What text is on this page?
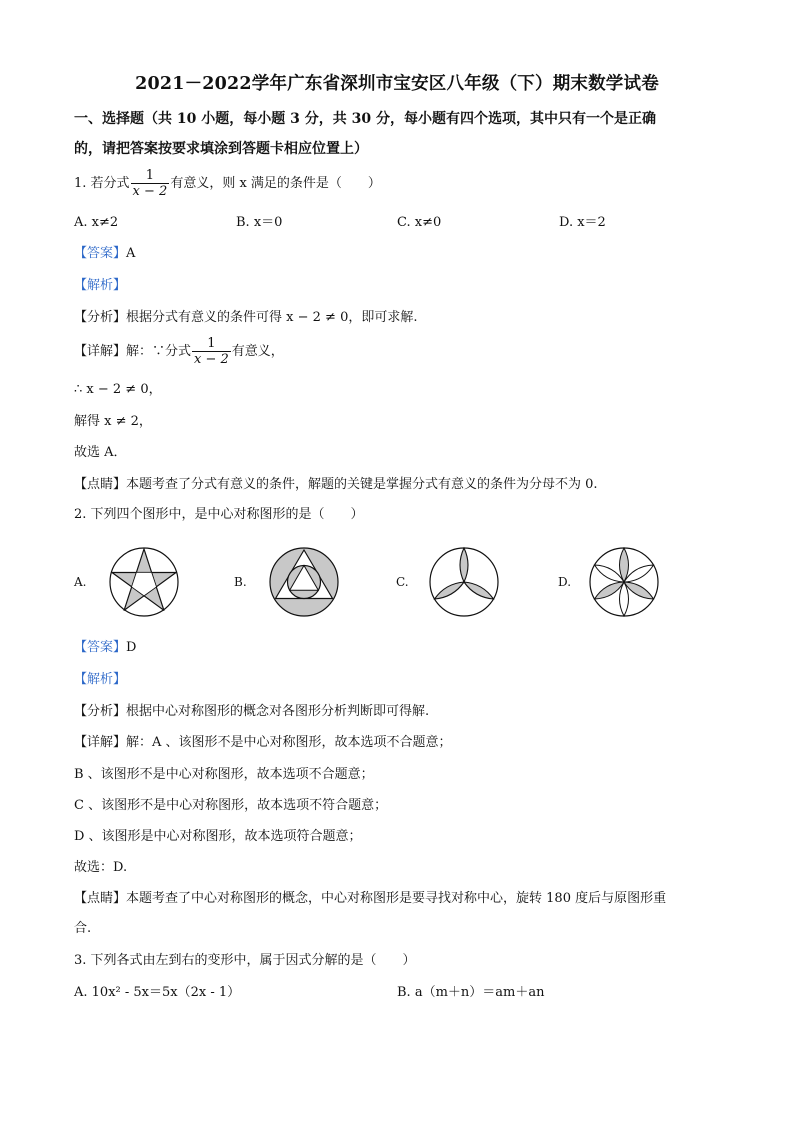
2021－2022学年广东省深圳市宝安区八年级（下）期末数学试卷
一、选择题（共 10 小题，每小题 3 分，共 30 分，每小题有四个选项，其中只有一个是正确
的，请把答案按要求填涂到答题卡相应位置上）
1. 若分式 $\frac{1}{x - 2}$ 有意义，则 x 满足的条件是（　　）
A. x≠2	B. x＝0	C. x≠0	D. x＝2
【答案】A
【解析】
【分析】根据分式有意义的条件可得 x − 2 ≠ 0，即可求解.
【详解】解：∵分式 $\frac{1}{x - 2}$ 有意义，
∴ x − 2 ≠ 0，
解得 x ≠ 2，
故选 A．
【点睛】本题考查了分式有意义的条件，解题的关键是掌握分式有意义的条件为分母不为 0.
2. 下列四个图形中，是中心对称图形的是（　　）
A.	B.	C.	D.
【答案】D
【解析】
【分析】根据中心对称图形的概念对各图形分析判断即可得解.
【详解】解：A 、该图形不是中心对称图形，故本选项不合题意；
B 、该图形不是中心对称图形，故本选项不合题意；
C 、该图形不是中心对称图形，故本选项不符合题意；
D 、该图形是中心对称图形，故本选项符合题意；
故选：D.
【点睛】本题考查了中心对称图形的概念，中心对称图形是要寻找对称中心，旋转 180 度后与原图形重
合.
3. 下列各式由左到右的变形中，属于因式分解的是（　　）
A. 10x² - 5x＝5x（2x - 1）	B. a（m＋n）＝am＋an
